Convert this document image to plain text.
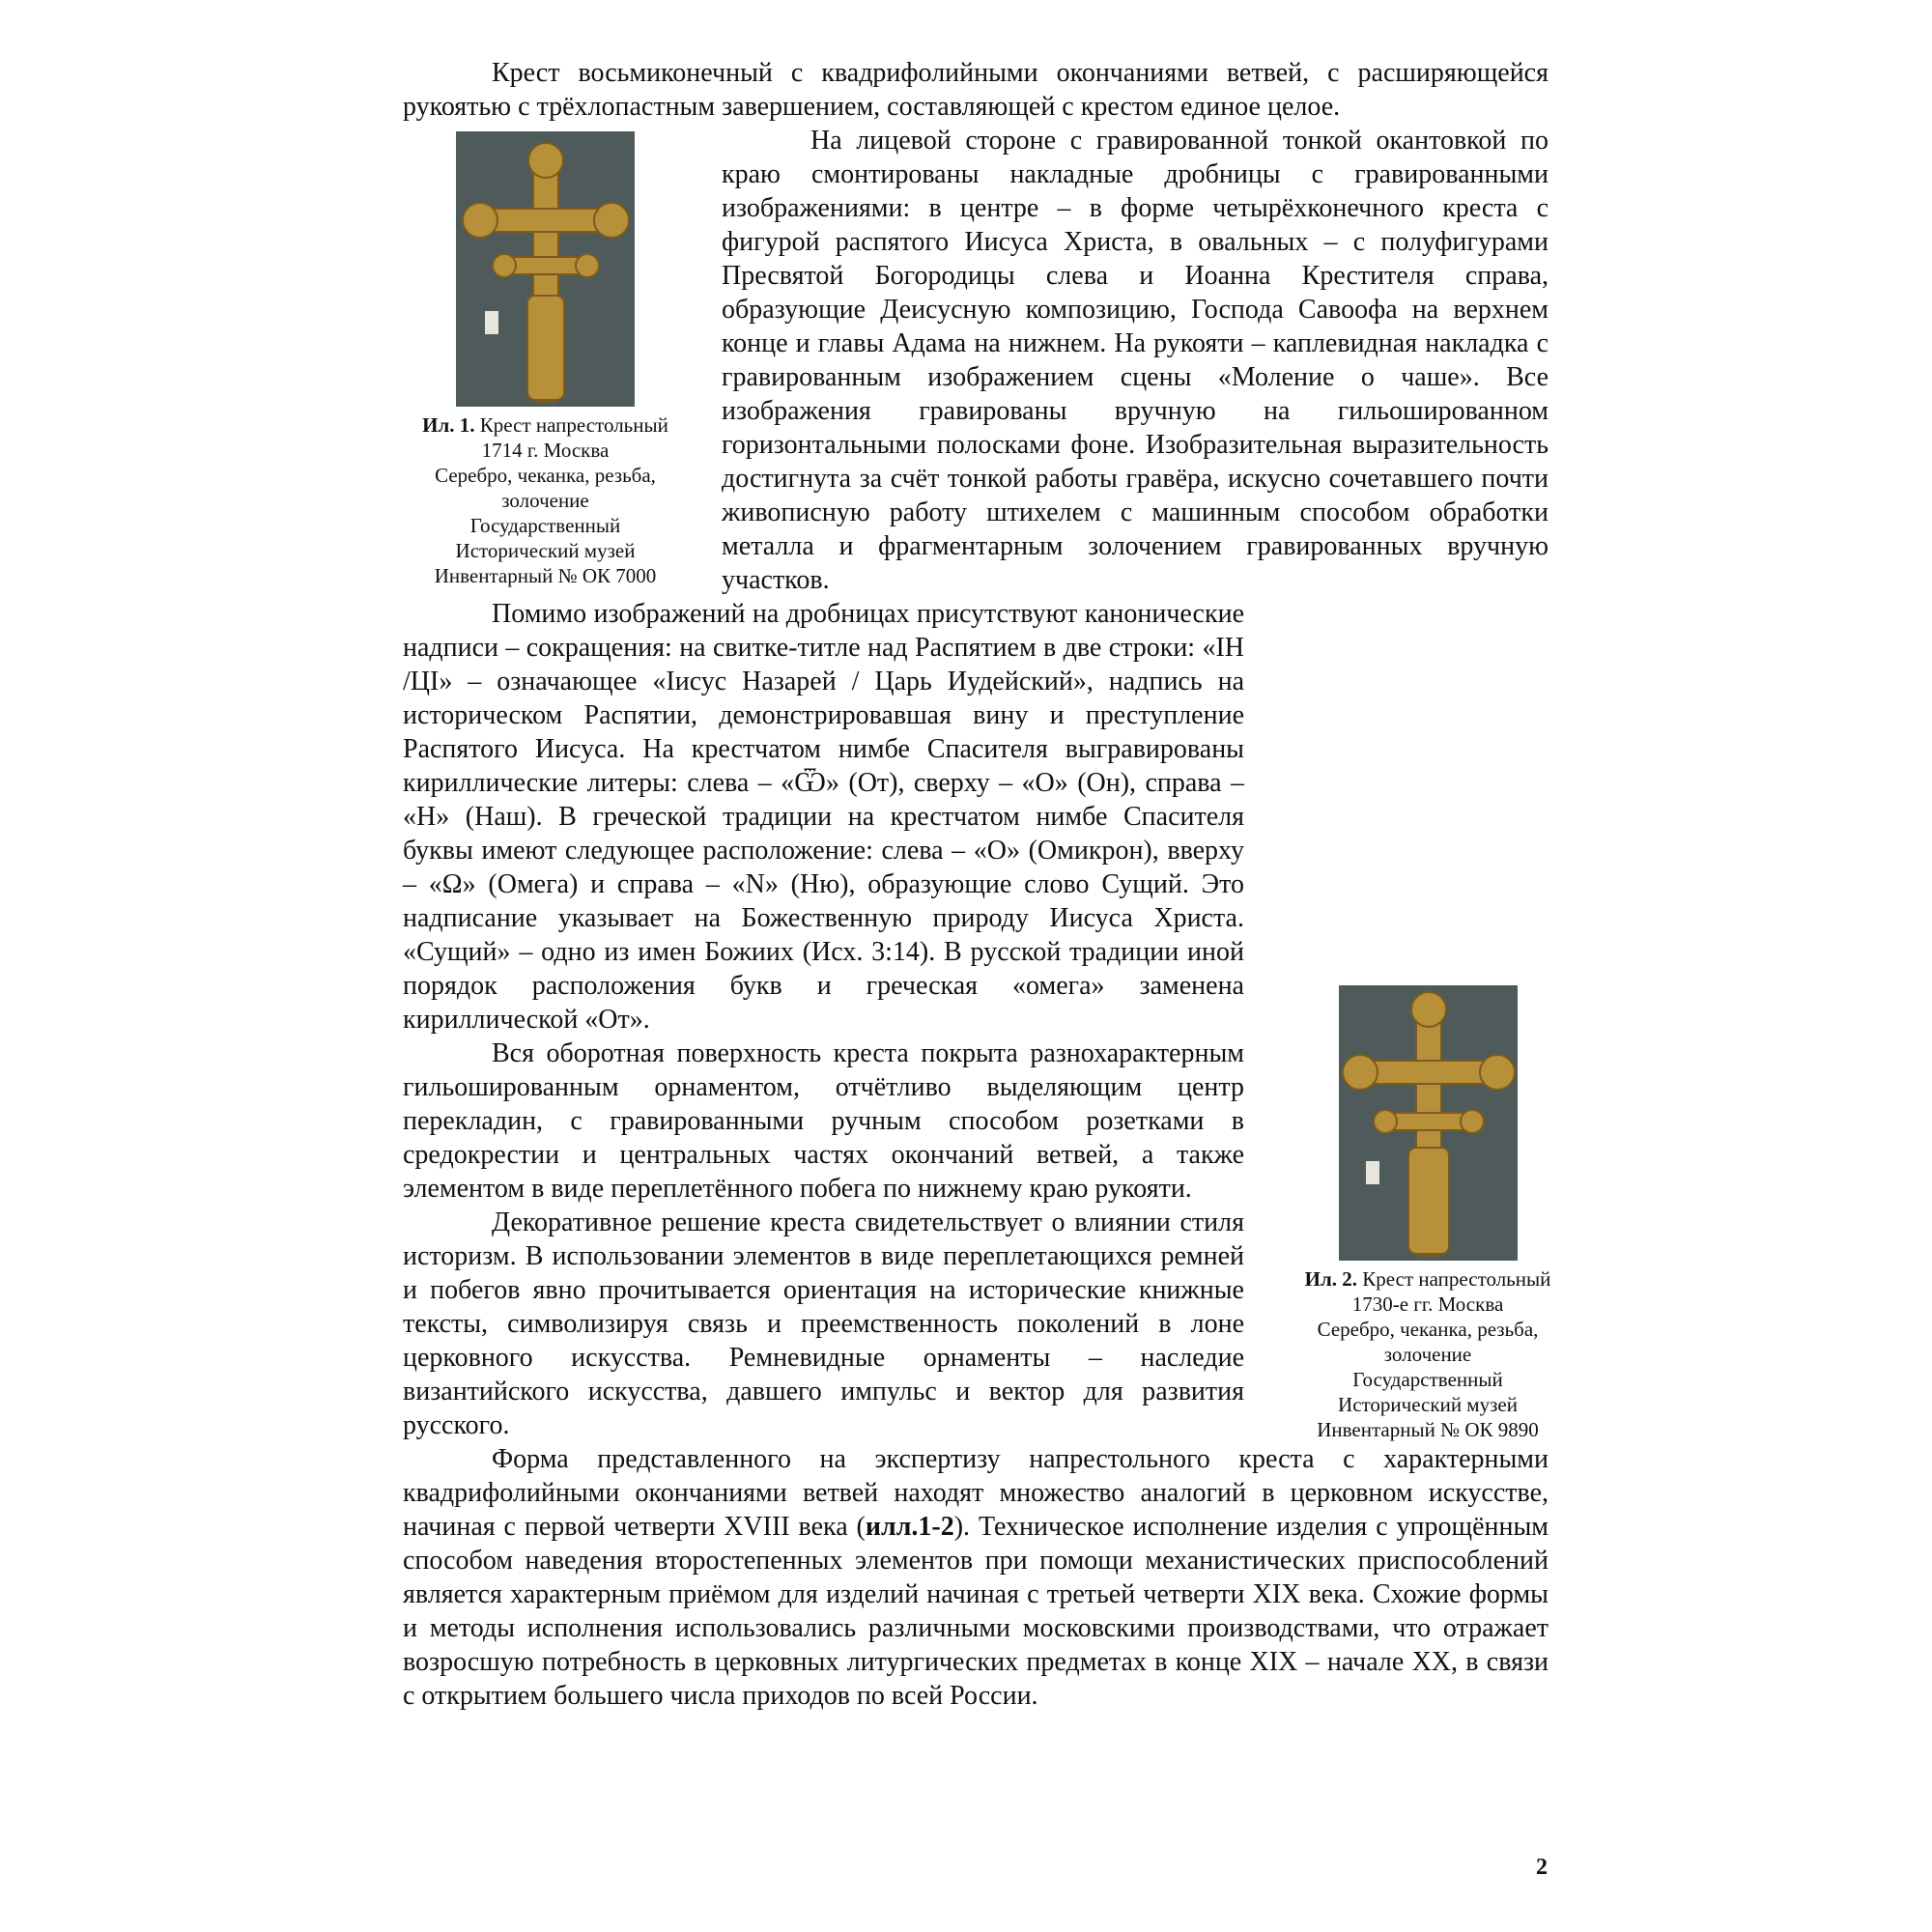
Крест восьмиконечный с квадрифолийными окончаниями ветвей, с расширяющейся рукоятью с трёхлопастным завершением, составляющей с крестом единое целое.

Ил. 1. Крест напрестольный
1714 г. Москва
Серебро, чеканка, резьба,
золочение
Государственный
Исторический музей
Инвентарный № ОК 7000

На лицевой стороне с гравированной тонкой окантовкой по краю смонтированы накладные дробницы с гравированными изображениями: в центре – в форме четырёхконечного креста с фигурой распятого Иисуса Христа, в овальных – с полуфигурами Пресвятой Богородицы слева и Иоанна Крестителя справа, образующие Деисусную композицию, Господа Савоофа на верхнем конце и главы Адама на нижнем. На рукояти – каплевидная накладка с гравированным изображением сцены «Моление о чаше». Все изображения гравированы вручную на гильошированном горизонтальными полосками фоне. Изобразительная выразительность достигнута за счёт тонкой работы гравёра, искусно сочетавшего почти живописную работу штихелем с машинным способом обработки металла и фрагментарным золочением гравированных вручную участков.

Ил. 2. Крест напрестольный
1730-е гг. Москва
Серебро, чеканка, резьба,
золочение
Государственный
Исторический музей
Инвентарный № ОК 9890

Помимо изображений на дробницах присутствуют канонические надписи – сокращения: на свитке-титле над Распятием в две строки: «IН /ЦI» – означающее «Iисус Назарей / Царь Иудейский», надпись на историческом Распятии, демонстрировавшая вину и преступление Распятого Иисуса. На крестчатом нимбе Спасителя выгравированы кириллические литеры: слева – «Ѿ» (От), сверху – «О» (Он), справа – «Н» (Наш). В греческой традиции на крестчатом нимбе Спасителя буквы имеют следующее расположение: слева – «О» (Омикрон), вверху – «Ω» (Омега) и справа – «N» (Ню), образующие слово Сущий. Это надписание указывает на Божественную природу Иисуса Христа. «Сущий» – одно из имен Божиих (Исх. 3:14). В русской традиции иной порядок расположения букв и греческая «омега» заменена кириллической «От».

Вся оборотная поверхность креста покрыта разнохарактерным гильошированным орнаментом, отчётливо выделяющим центр перекладин, с гравированными ручным способом розетками в средокрестии и центральных частях окончаний ветвей, а также элементом в виде переплетённого побега по нижнему краю рукояти.

Декоративное решение креста свидетельствует о влиянии стиля историзм. В использовании элементов в виде переплетающихся ремней и побегов явно прочитывается ориентация на исторические книжные тексты, символизируя связь и преемственность поколений в лоне церковного искусства. Ремневидные орнаменты – наследие византийского искусства, давшего импульс и вектор для развития русского.

Форма представленного на экспертизу напрестольного креста с характерными квадрифолийными окончаниями ветвей находят множество аналогий в церковном искусстве, начиная с первой четверти XVIII века (илл.1-2). Техническое исполнение изделия с упрощённым способом наведения второстепенных элементов при помощи механистических приспособлений является характерным приёмом для изделий начиная с третьей четверти XIX века. Схожие формы и методы исполнения использовались различными московскими производствами, что отражает возросшую потребность в церковных литургических предметах в конце XIX – начале XX, в связи с открытием большего числа приходов по всей России.

2
